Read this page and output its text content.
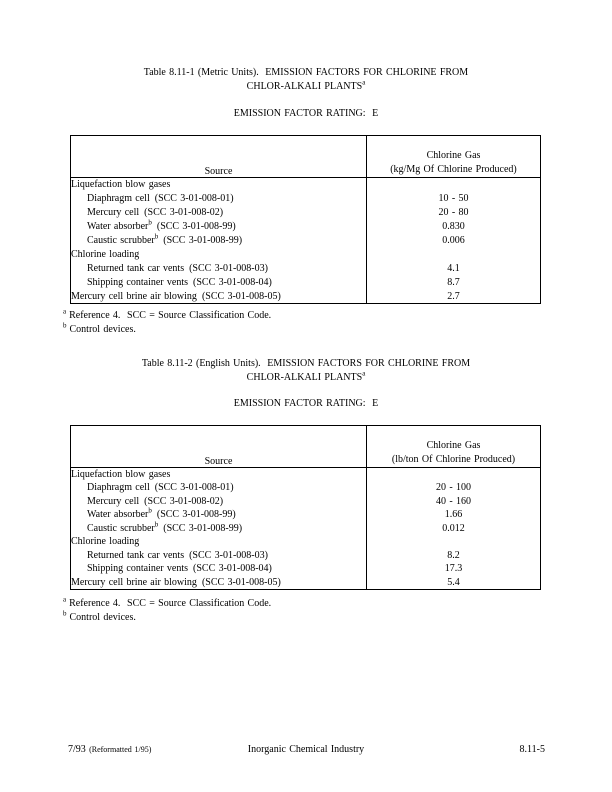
Table 8.11-1 (Metric Units).  EMISSION FACTORS FOR CHLORINE FROM
CHLOR-ALKALI PLANTS$^a$
EMISSION FACTOR RATING:  E
Source	Chlorine Gas
(kg/Mg Of Chlorine Produced)

Liquefaction blow gases	
Diaphragm cell (SCC 3-01-008-01)	10 - 50
Mercury cell (SCC 3-01-008-02)	20 - 80
Water absorber$^b$ (SCC 3-01-008-99)	0.830
Caustic scrubber$^b$ (SCC 3-01-008-99)	0.006
Chlorine loading	
Returned tank car vents (SCC 3-01-008-03)	4.1
Shipping container vents (SCC 3-01-008-04)	8.7
Mercury cell brine air blowing (SCC 3-01-008-05)	2.7
$^a$ Reference 4.  SCC = Source Classification Code.
$^b$ Control devices.
Table 8.11-2 (English Units).  EMISSION FACTORS FOR CHLORINE FROM
CHLOR-ALKALI PLANTS$^a$
EMISSION FACTOR RATING:  E
Source	Chlorine Gas
(lb/ton Of Chlorine Produced)

Liquefaction blow gases	
Diaphragm cell (SCC 3-01-008-01)	20 - 100
Mercury cell (SCC 3-01-008-02)	40 - 160
Water absorber$^b$ (SCC 3-01-008-99)	1.66
Caustic scrubber$^b$ (SCC 3-01-008-99)	0.012
Chlorine loading	
Returned tank car vents (SCC 3-01-008-03)	8.2
Shipping container vents (SCC 3-01-008-04)	17.3
Mercury cell brine air blowing (SCC 3-01-008-05)	5.4
$^a$ Reference 4.  SCC = Source Classification Code.
$^b$ Control devices.
Inorganic Chemical Industry
7/93 (Reformatted 1/95)	8.11-5
